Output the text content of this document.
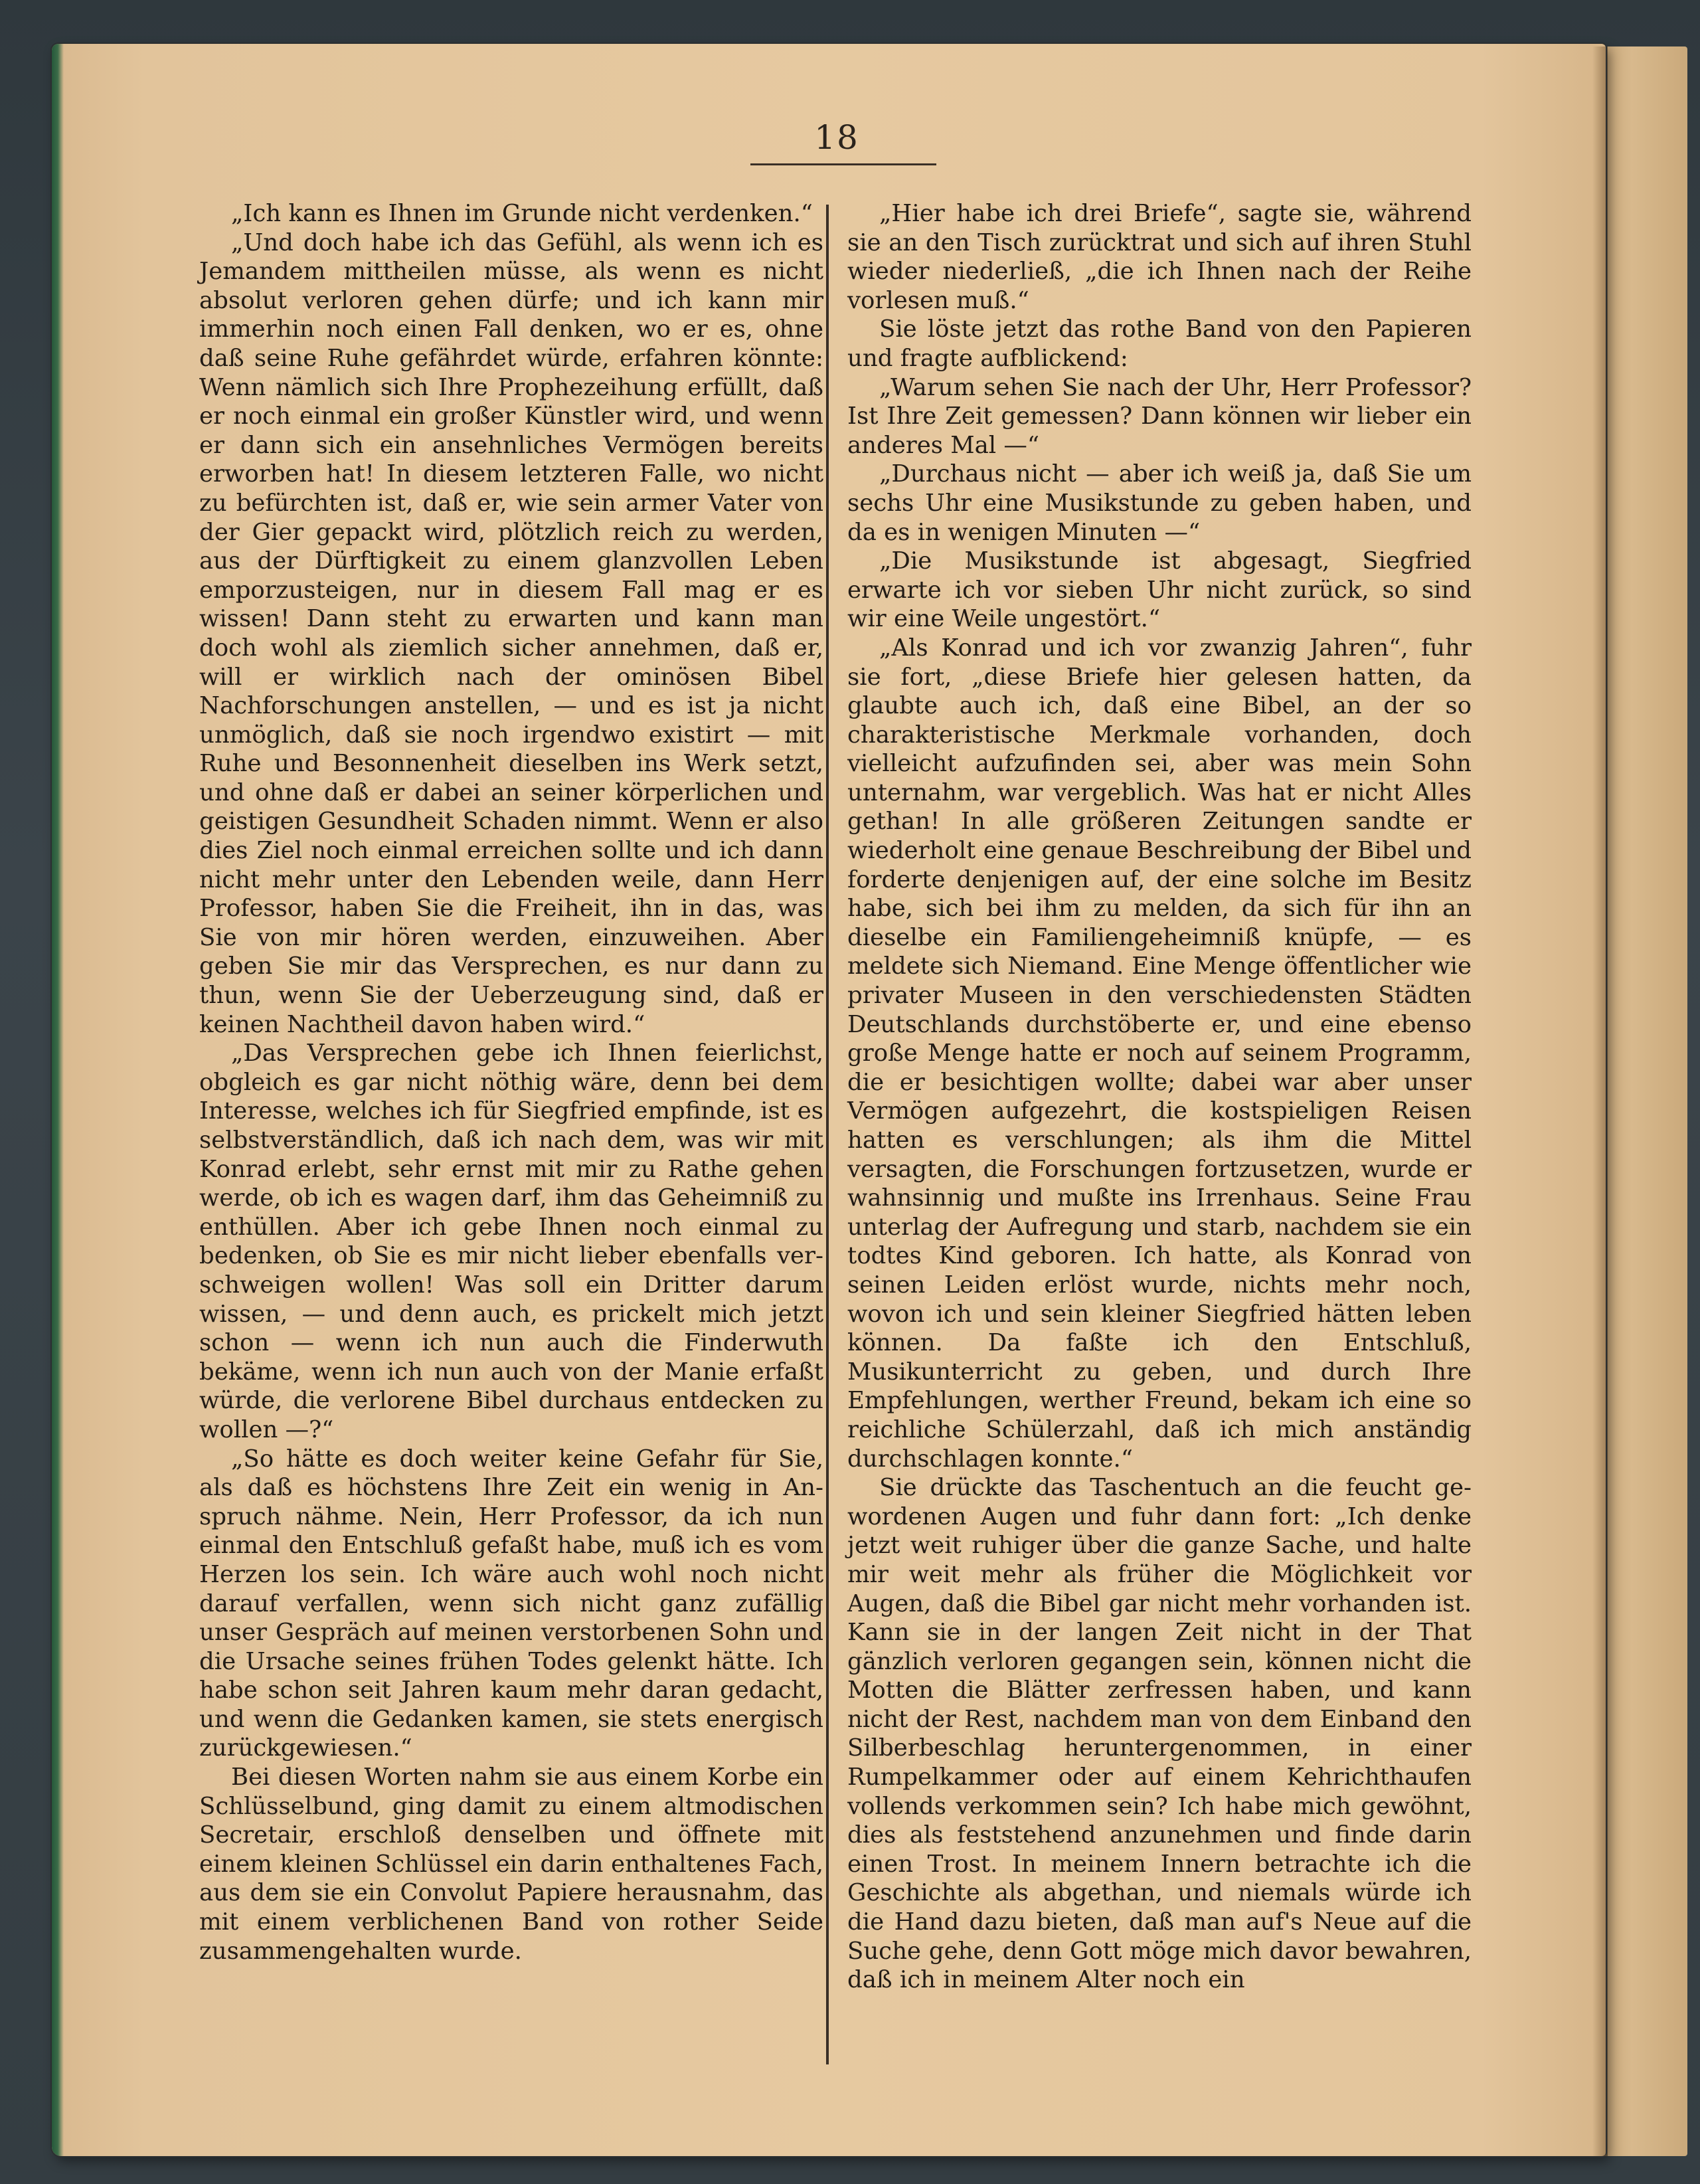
18

„Ich kann es Ihnen im Grunde nicht verdenken.“

„Und doch habe ich das Gefühl, als wenn ich es Jemandem mittheilen müsse, als wenn es nicht absolut verloren gehen dürfe; und ich kann mir immerhin noch einen Fall denken, wo er es, ohne daß seine Ruhe gefährdet würde, erfahren könnte: Wenn nämlich sich Ihre Prophezeihung erfüllt, daß er noch einmal ein großer Künstler wird, und wenn er dann sich ein ansehnliches Vermögen bereits erworben hat! In diesem letzteren Falle, wo nicht zu befürchten ist, daß er, wie sein armer Vater von der Gier gepackt wird, plötzlich reich zu werden, aus der Dürftigkeit zu einem glanzvollen Leben emporzusteigen, nur in diesem Fall mag er es wissen! Dann steht zu erwarten und kann man doch wohl als ziemlich sicher annehmen, daß er, will er wirklich nach der ominösen Bibel Nachforschungen anstellen, — und es ist ja nicht unmöglich, daß sie noch irgendwo existirt — mit Ruhe und Besonnenheit dieselben ins Werk setzt, und ohne daß er dabei an seiner körperlichen und geistigen Gesundheit Schaden nimmt. Wenn er also dies Ziel noch einmal erreichen sollte und ich dann nicht mehr unter den Lebenden weile, dann Herr Professor, haben Sie die Freiheit, ihn in das, was Sie von mir hören werden, einzuweihen. Aber geben Sie mir das Versprechen, es nur dann zu thun, wenn Sie der Ueberzeugung sind, daß er keinen Nachtheil davon haben wird.“

„Das Versprechen gebe ich Ihnen feierlichst, obgleich es gar nicht nöthig wäre, denn bei dem Interesse, welches ich für Siegfried empfinde, ist es selbstverständlich, daß ich nach dem, was wir mit Konrad erlebt, sehr ernst mit mir zu Rathe gehen werde, ob ich es wagen darf, ihm das Geheimniß zu enthüllen. Aber ich gebe Ihnen noch einmal zu bedenken, ob Sie es mir nicht lieber ebenfalls verschweigen wollen! Was soll ein Dritter darum wissen, — und denn auch, es prickelt mich jetzt schon — wenn ich nun auch die Finderwuth bekäme, wenn ich nun auch von der Manie erfaßt würde, die verlorene Bibel durchaus entdecken zu wollen —?“

„So hätte es doch weiter keine Gefahr für Sie, als daß es höchstens Ihre Zeit ein wenig in Anspruch nähme. Nein, Herr Professor, da ich nun einmal den Entschluß gefaßt habe, muß ich es vom Herzen los sein. Ich wäre auch wohl noch nicht darauf verfallen, wenn sich nicht ganz zufällig unser Gespräch auf meinen verstorbenen Sohn und die Ursache seines frühen Todes gelenkt hätte. Ich habe schon seit Jahren kaum mehr daran gedacht, und wenn die Gedanken kamen, sie stets energisch zurückgewiesen.“

Bei diesen Worten nahm sie aus einem Korbe ein Schlüsselbund, ging damit zu einem altmodischen Secretair, erschloß denselben und öffnete mit einem kleinen Schlüssel ein darin enthaltenes Fach, aus dem sie ein Convolut Papiere herausnahm, das mit einem verblichenen Band von rother Seide zusammengehalten wurde.

„Hier habe ich drei Briefe“, sagte sie, während sie an den Tisch zurücktrat und sich auf ihren Stuhl wieder niederließ, „die ich Ihnen nach der Reihe vorlesen muß.“

Sie löste jetzt das rothe Band von den Papieren und fragte aufblickend:

„Warum sehen Sie nach der Uhr, Herr Professor? Ist Ihre Zeit gemessen? Dann können wir lieber ein anderes Mal —“

„Durchaus nicht — aber ich weiß ja, daß Sie um sechs Uhr eine Musikstunde zu geben haben, und da es in wenigen Minuten —“

„Die Musikstunde ist abgesagt, Siegfried erwarte ich vor sieben Uhr nicht zurück, so sind wir eine Weile ungestört.“

„Als Konrad und ich vor zwanzig Jahren“, fuhr sie fort, „diese Briefe hier gelesen hatten, da glaubte auch ich, daß eine Bibel, an der so charakteristische Merkmale vorhanden, doch vielleicht aufzufinden sei, aber was mein Sohn unternahm, war vergeblich. Was hat er nicht Alles gethan! In alle größeren Zeitungen sandte er wiederholt eine genaue Beschreibung der Bibel und forderte denjenigen auf, der eine solche im Besitz habe, sich bei ihm zu melden, da sich für ihn an dieselbe ein Familiengeheimniß knüpfe, — es meldete sich Niemand. Eine Menge öffentlicher wie privater Museen in den verschiedensten Städten Deutschlands durchstöberte er, und eine ebenso große Menge hatte er noch auf seinem Programm, die er besichtigen wollte; dabei war aber unser Vermögen aufgezehrt, die kostspieligen Reisen hatten es verschlungen; als ihm die Mittel versagten, die Forschungen fortzusetzen, wurde er wahnsinnig und mußte ins Irrenhaus. Seine Frau unterlag der Aufregung und starb, nachdem sie ein todtes Kind geboren. Ich hatte, als Konrad von seinen Leiden erlöst wurde, nichts mehr noch, wovon ich und sein kleiner Siegfried hätten leben können. Da faßte ich den Entschluß, Musikunterricht zu geben, und durch Ihre Empfehlungen, werther Freund, bekam ich eine so reichliche Schülerzahl, daß ich mich anständig durchschlagen konnte.“

Sie drückte das Taschentuch an die feucht gewordenen Augen und fuhr dann fort: „Ich denke jetzt weit ruhiger über die ganze Sache, und halte mir weit mehr als früher die Möglichkeit vor Augen, daß die Bibel gar nicht mehr vorhanden ist. Kann sie in der langen Zeit nicht in der That gänzlich verloren gegangen sein, können nicht die Motten die Blätter zerfressen haben, und kann nicht der Rest, nachdem man von dem Einband den Silberbeschlag heruntergenommen, in einer Rumpelkammer oder auf einem Kehrichthaufen vollends verkommen sein? Ich habe mich gewöhnt, dies als feststehend anzunehmen und finde darin einen Trost. In meinem Innern betrachte ich die Geschichte als abgethan, und niemals würde ich die Hand dazu bieten, daß man auf's Neue auf die Suche gehe, denn Gott möge mich davor bewahren, daß ich in meinem Alter noch ein
